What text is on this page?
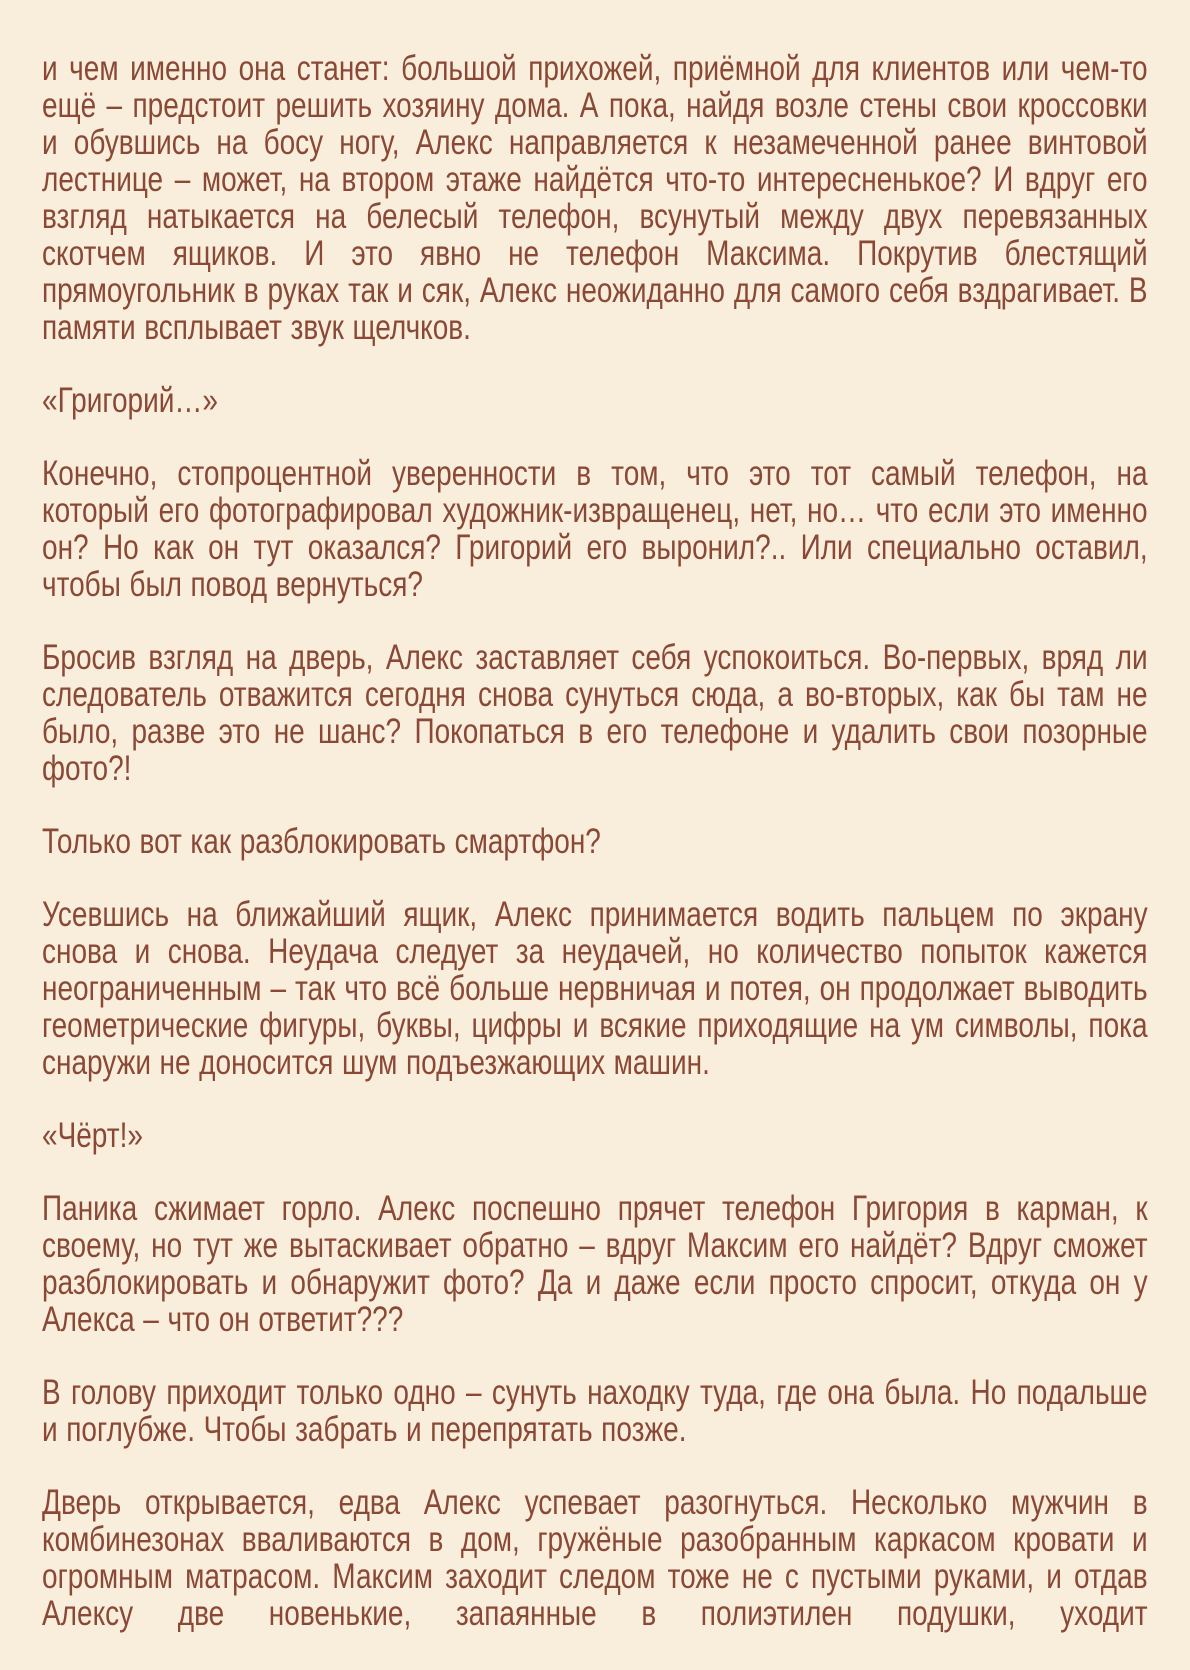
и чем именно она станет: большой прихожей, приёмной для клиентов или чем-то ещё – предстоит решить хозяину дома. А пока, найдя возле стены свои кроссовки и обувшись на босу ногу, Алекс направляется к незамеченной ранее винтовой лестнице – может, на втором этаже найдётся что-то интересненькое? И вдруг его взгляд натыкается на белесый телефон, всунутый между двух перевязанных скотчем ящиков. И это явно не телефон Максима. Покрутив блестящий прямоугольник в руках так и сяк, Алекс неожиданно для самого себя вздрагивает. В памяти всплывает звук щелчков.

«Григорий…»

Конечно, стопроцентной уверенности в том, что это тот самый телефон, на который его фотографировал художник-извращенец, нет, но… что если это именно он? Но как он тут оказался? Григорий его выронил?.. Или специально оставил, чтобы был повод вернуться?

Бросив взгляд на дверь, Алекс заставляет себя успокоиться. Во-первых, вряд ли следователь отважится сегодня снова сунуться сюда, а во-вторых, как бы там не было, разве это не шанс? Покопаться в его телефоне и удалить свои позорные фото?!

Только вот как разблокировать смартфон?

Усевшись на ближайший ящик, Алекс принимается водить пальцем по экрану снова и снова. Неудача следует за неудачей, но количество попыток кажется неограниченным – так что всё больше нервничая и потея, он продолжает выводить геометрические фигуры, буквы, цифры и всякие приходящие на ум символы, пока снаружи не доносится шум подъезжающих машин.

«Чёрт!»

Паника сжимает горло. Алекс поспешно прячет телефон Григория в карман, к своему, но тут же вытаскивает обратно – вдруг Максим его найдёт? Вдруг сможет разблокировать и обнаружит фото? Да и даже если просто спросит, откуда он у Алекса – что он ответит???

В голову приходит только одно – сунуть находку туда, где она была. Но подальше и поглубже. Чтобы забрать и перепрятать позже.

Дверь открывается, едва Алекс успевает разогнуться. Несколько мужчин в комбинезонах вваливаются в дом, гружёные разобранным каркасом кровати и огромным матрасом. Максим заходит следом тоже не с пустыми руками, и отдав Алексу две новенькие, запаянные в полиэтилен подушки, уходит
